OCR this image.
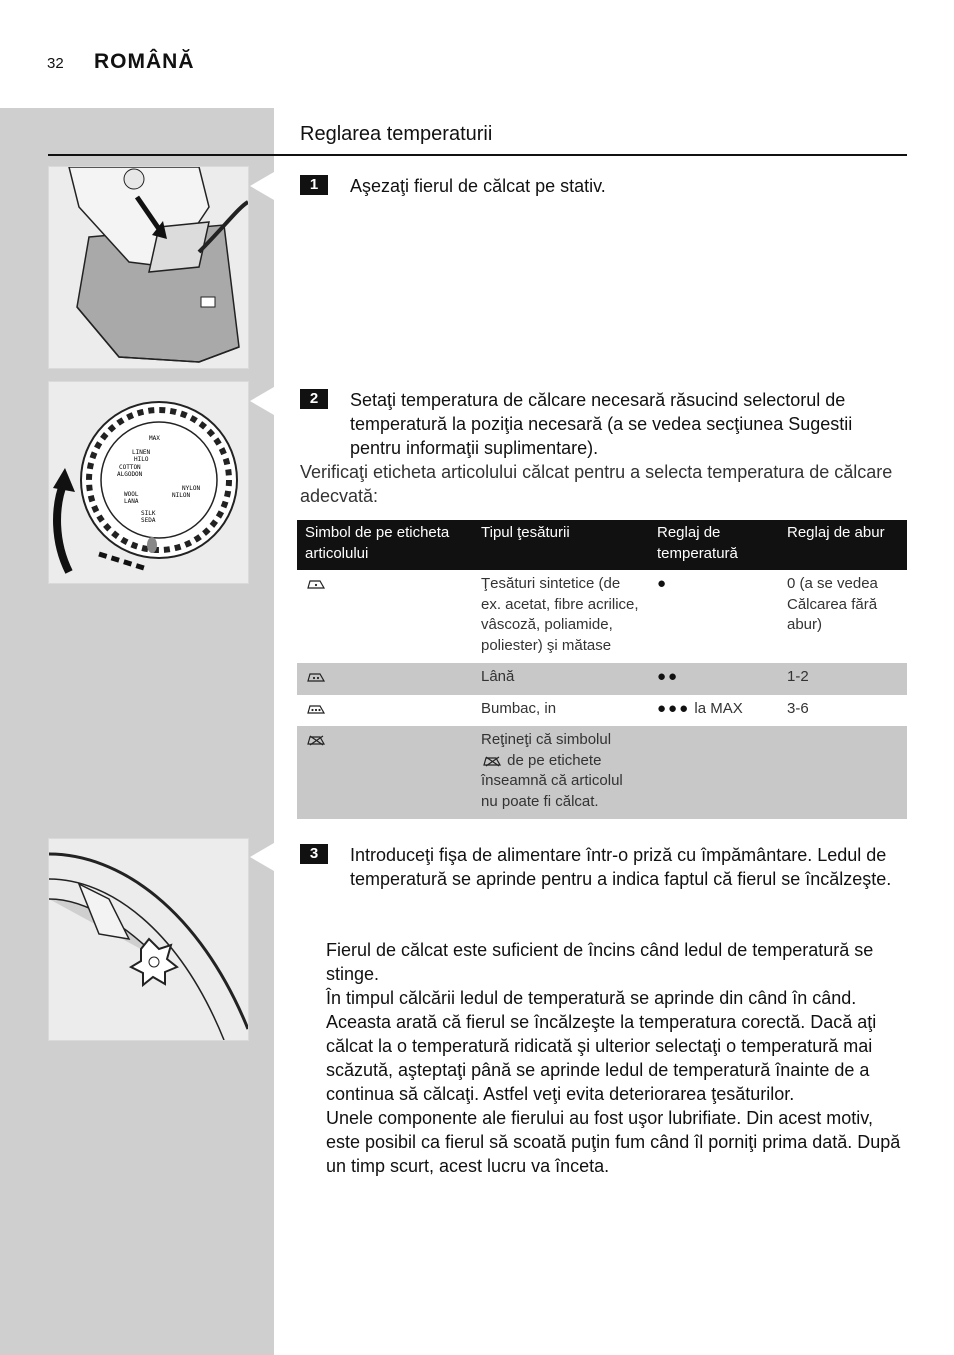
32 ROMÂNĂ
Reglarea temperaturii
LINEN
HILO
COTTON
ALGODON
NYLON
NILON
WOOL
LANA
SILK
SEDA
MAX
1	Aşezaţi fierul de călcat pe stativ.
2	Setaţi temperatura de călcare necesară răsucind selectorul de temperatură la poziţia necesară (a se vedea secţiunea Sugestii pentru informaţii suplimentare).
Verificaţi eticheta articolului călcat pentru a selecta temperatura de călcare adecvată:
Simbol de pe eticheta articolului	Tipul ţesăturii	Reglaj de temperatură	Reglaj de abur
	Ţesături sintetice (de ex. acetat, fibre acrilice, vâscoză, poliamide, poliester) şi mătase	●	0 (a se vedea Călcarea fără abur)
	Lână	●●	1-2
	Bumbac, in	●●● la MAX	3-6
	Reţineţi că simbolul
de pe etichete înseamnă că articolul nu poate fi călcat.		
3	Introduceţi fişa de alimentare într-o priză cu împământare. Ledul de temperatură se aprinde pentru a indica faptul că fierul se încălzeşte.

Fierul de călcat este suficient de încins când ledul de temperatură se stinge.

În timpul călcării ledul de temperatură se aprinde din când în când. Aceasta arată că fierul se încălzeşte la temperatura corectă. Dacă aţi călcat la o temperatură ridicată şi ulterior selectaţi o temperatură mai scăzută, aşteptaţi până se aprinde ledul de temperatură înainte de a continua să călcaţi. Astfel veţi evita deteriorarea ţesăturilor.

Unele componente ale fierului au fost uşor lubrifiate. Din acest motiv, este posibil ca fierul să scoată puţin fum când îl porniţi prima dată. După un timp scurt, acest lucru va înceta.
